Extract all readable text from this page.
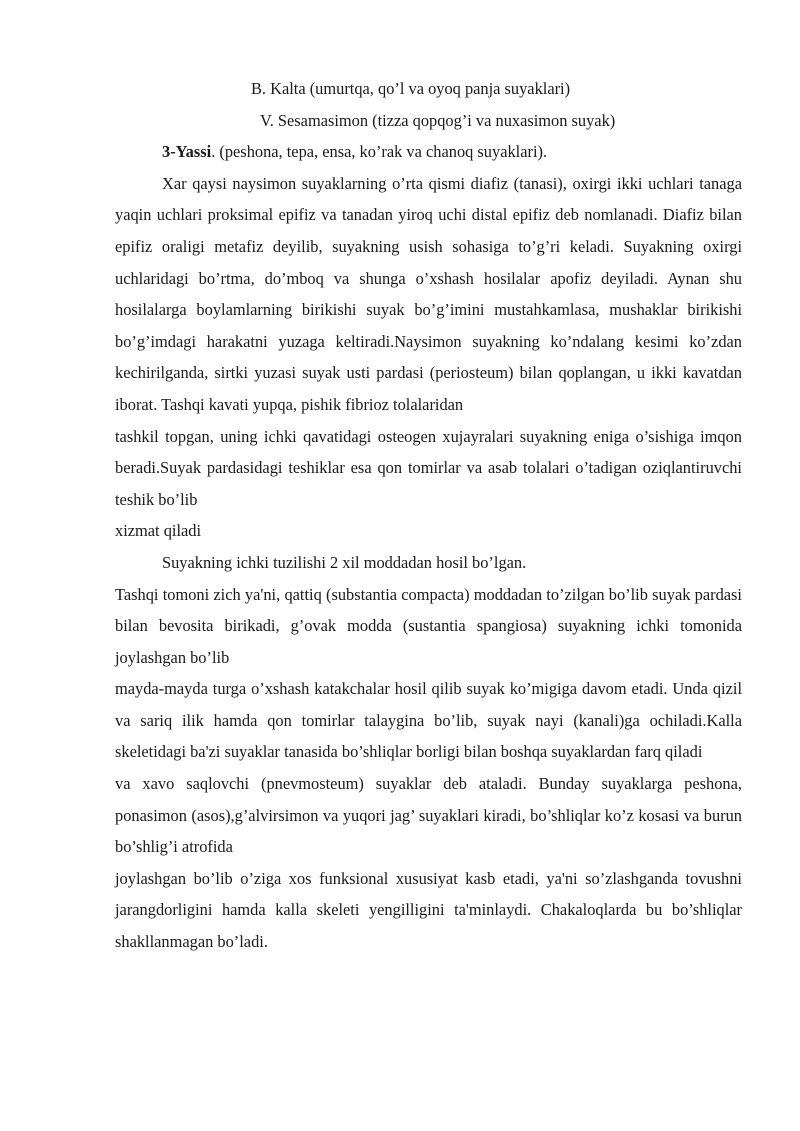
B. Kalta (umurtqa, qo’l va oyoq panja suyaklari)

V. Sesamasimon (tizza qopqog’i va nuxasimon suyak)

3-Yassi. (peshona, tepa, ensa, ko’rak va chanoq suyaklari).

Xar qaysi naysimon suyaklarning o’rta qismi diafiz (tanasi), oxirgi ikki uchlari tanaga yaqin uchlari proksimal epifiz va tanadan yiroq uchi distal epifiz deb nomlanadi. Diafiz bilan epifiz oraligi metafiz deyilib, suyakning usish sohasiga to’g’ri keladi. Suyakning oxirgi uchlaridagi bo’rtma, do’mboq va shunga o’xshash hosilalar apofiz deyiladi. Aynan shu hosilalarga boylamlarning birikishi suyak bo’g’imini mustahkamlasa, mushaklar birikishi bo’g’imdagi harakatni yuzaga keltiradi.Naysimon suyakning ko’ndalang kesimi ko’zdan kechirilganda, sirtki yuzasi suyak usti pardasi (periosteum) bilan qoplangan, u ikki kavatdan iborat. Tashqi kavati yupqa, pishik fibrioz tolalaridan

tashkil topgan, uning ichki qavatidagi osteogen xujayralari suyakning eniga o’sishiga imqon beradi.Suyak pardasidagi teshiklar esa qon tomirlar va asab tolalari o’tadigan oziqlantiruvchi teshik bo’lib

xizmat qiladi

Suyakning ichki tuzilishi 2 xil moddadan hosil bo’lgan.

Tashqi tomoni zich ya'ni, qattiq (substantia compacta) moddadan to’zilgan bo’lib suyak pardasi bilan bevosita birikadi, g’ovak modda (sustantia spangiosa) suyakning ichki tomonida joylashgan bo’lib

mayda-mayda turga o’xshash katakchalar hosil qilib suyak ko’migiga davom etadi. Unda qizil va sariq ilik hamda qon tomirlar talaygina bo’lib, suyak nayi (kanali)ga ochiladi.Kalla skeletidagi ba'zi suyaklar tanasida bo’shliqlar borligi bilan boshqa suyaklardan farq qiladi

va xavo saqlovchi (pnevmosteum) suyaklar deb ataladi. Bunday suyaklarga peshona, ponasimon (asos),g’alvirsimon va yuqori jag’ suyaklari kiradi, bo’shliqlar ko’z kosasi va burun bo’shlig’i atrofida

joylashgan bo’lib o’ziga xos funksional xususiyat kasb etadi, ya'ni so’zlashganda tovushni jarangdorligini hamda kalla skeleti yengilligini ta'minlaydi. Chakaloqlarda bu bo’shliqlar shakllanmagan bo’ladi.
